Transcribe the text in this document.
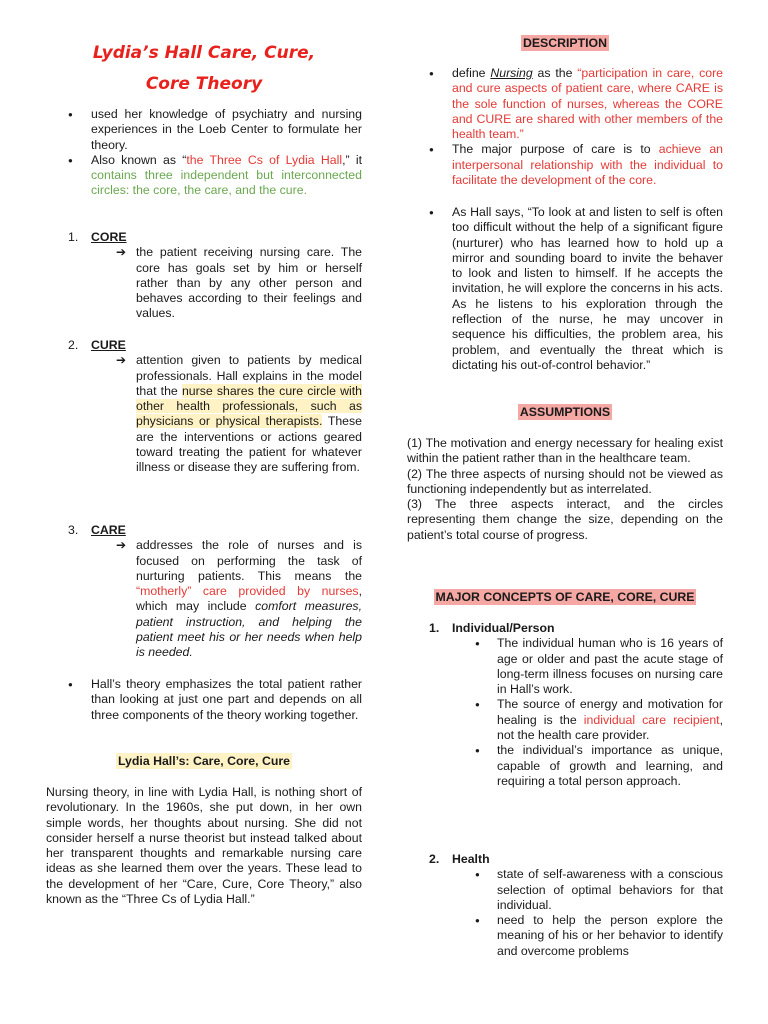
Lydia’s Hall Care, Cure,
Core Theory
● used her knowledge of psychiatry and nursing experiences in the Loeb Center to formulate her theory.
● Also known as “the Three Cs of Lydia Hall,” it contains three independent but interconnected circles: the core, the care, and the cure.
1. CORE
➔ the patient receiving nursing care. The core has goals set by him or herself rather than by any other person and behaves according to their feelings and values.
2. CURE
➔ attention given to patients by medical professionals. Hall explains in the model that the nurse shares the cure circle with other health professionals, such as physicians or physical therapists. These are the interventions or actions geared toward treating the patient for whatever illness or disease they are suffering from.
3. CARE
➔ addresses the role of nurses and is focused on performing the task of nurturing patients. This means the “motherly” care provided by nurses, which may include comfort measures, patient instruction, and helping the patient meet his or her needs when help is needed.
● Hall’s theory emphasizes the total patient rather than looking at just one part and depends on all three components of the theory working together.
Lydia Hall’s: Care, Core, Cure

Nursing theory, in line with Lydia Hall, is nothing short of revolutionary. In the 1960s, she put down, in her own simple words, her thoughts about nursing. She did not consider herself a nurse theorist but instead talked about her transparent thoughts and remarkable nursing care ideas as she learned them over the years. These lead to the development of her “Care, Cure, Core Theory,” also known as the “Three Cs of Lydia Hall.”

DESCRIPTION
● define Nursing as the “participation in care, core and cure aspects of patient care, where CARE is the sole function of nurses, whereas the CORE and CURE are shared with other members of the health team.”
● The major purpose of care is to achieve an interpersonal relationship with the individual to facilitate the development of the core.
● As Hall says, “To look at and listen to self is often too difficult without the help of a significant figure (nurturer) who has learned how to hold up a mirror and sounding board to invite the behaver to look and listen to himself. If he accepts the invitation, he will explore the concerns in his acts. As he listens to his exploration through the reflection of the nurse, he may uncover in sequence his difficulties, the problem area, his problem, and eventually the threat which is dictating his out-of-control behavior.”
ASSUMPTIONS
(1) The motivation and energy necessary for healing exist within the patient rather than in the healthcare team.
(2) The three aspects of nursing should not be viewed as functioning independently but as interrelated.
(3) The three aspects interact, and the circles representing them change the size, depending on the patient’s total course of progress.
MAJOR CONCEPTS OF CARE, CORE, CURE
1. Individual/Person
● The individual human who is 16 years of age or older and past the acute stage of long-term illness focuses on nursing care in Hall’s work.
● The source of energy and motivation for healing is the individual care recipient, not the health care provider.
● the individual’s importance as unique, capable of growth and learning, and requiring a total person approach.
2. Health
● state of self-awareness with a conscious selection of optimal behaviors for that individual.
● need to help the person explore the meaning of his or her behavior to identify and overcome problems
